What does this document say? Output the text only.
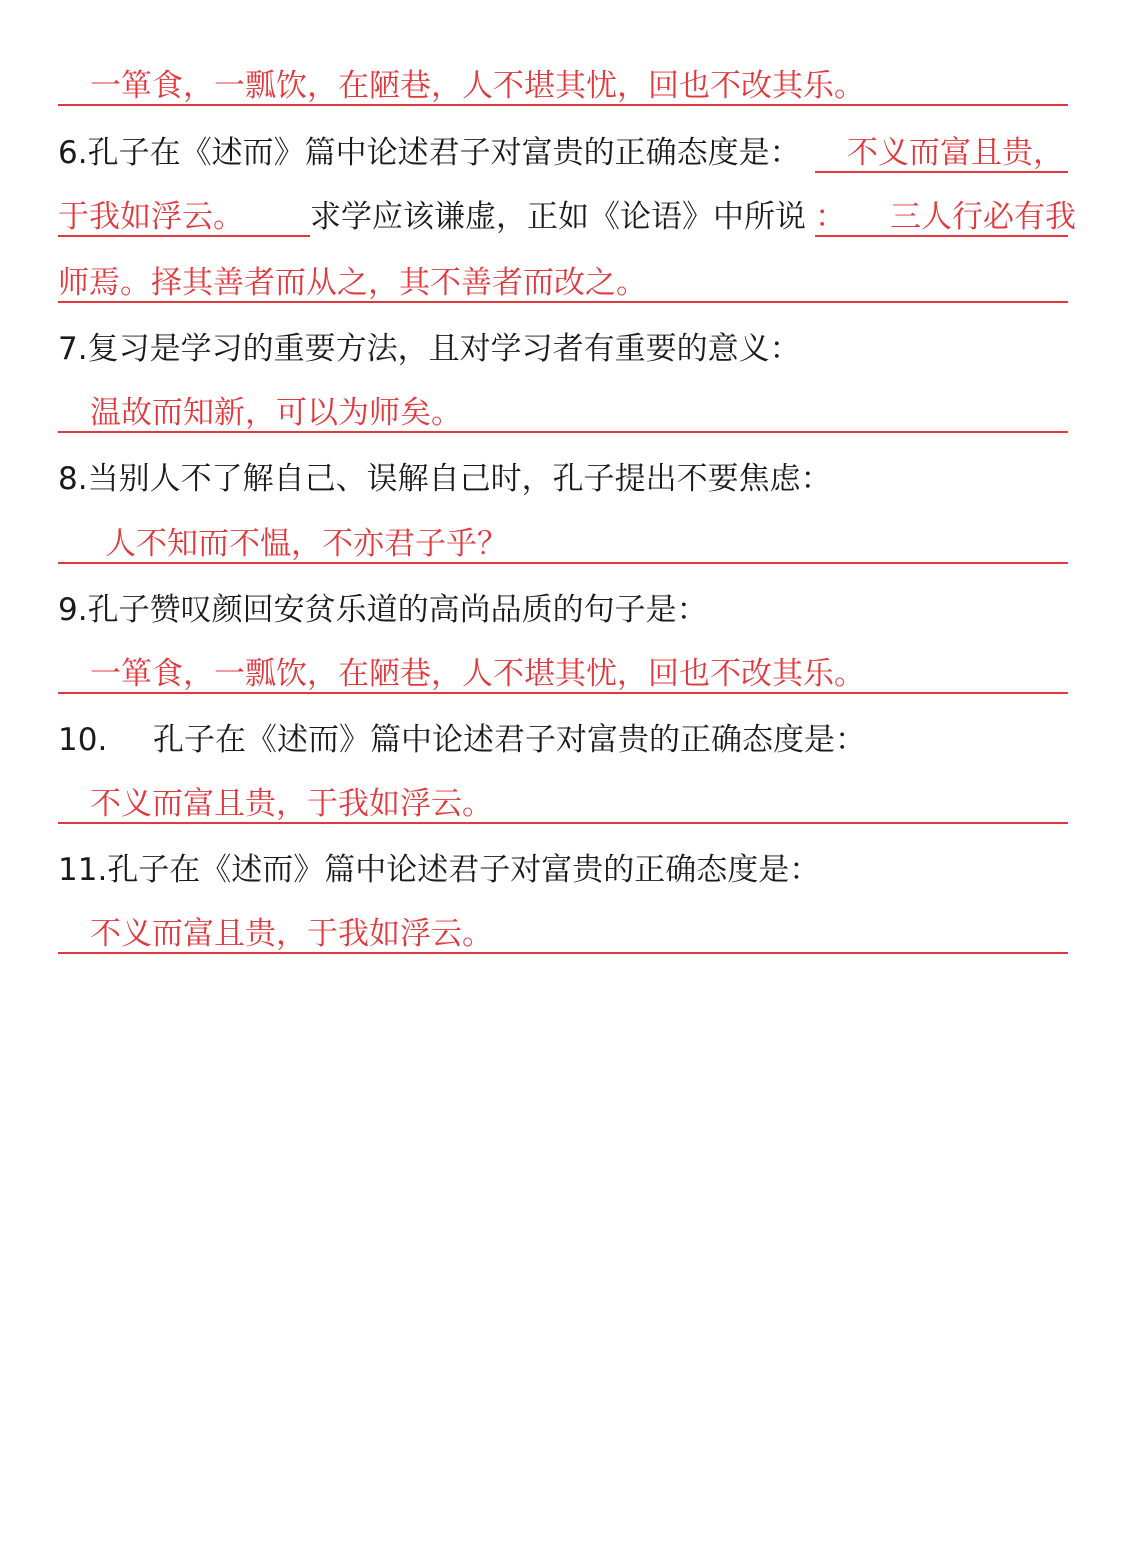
一箪食，一瓢饮，在陋巷，人不堪其忧，回也不改其乐。
6.孔子在《述而》篇中论述君子对富贵的正确态度是：	不义而富且贵，
于我如浮云。	求学应该谦虚，正如《论语》中所说 ： 三人行必有我
师焉。择其善者而从之，其不善者而改之。
7.复习是学习的重要方法，且对学习者有重要的意义：
温故而知新，可以为师矣。
8.当别人不了解自己、误解自己时，孔子提出不要焦虑：
人不知而不愠，不亦君子乎？
9.孔子赞叹颜回安贫乐道的高尚品质的句子是：
一箪食，一瓢饮，在陋巷，人不堪其忧，回也不改其乐。
10. 孔子在《述而》篇中论述君子对富贵的正确态度是：
不义而富且贵，于我如浮云。
11.孔子在《述而》篇中论述君子对富贵的正确态度是：
不义而富且贵，于我如浮云。
